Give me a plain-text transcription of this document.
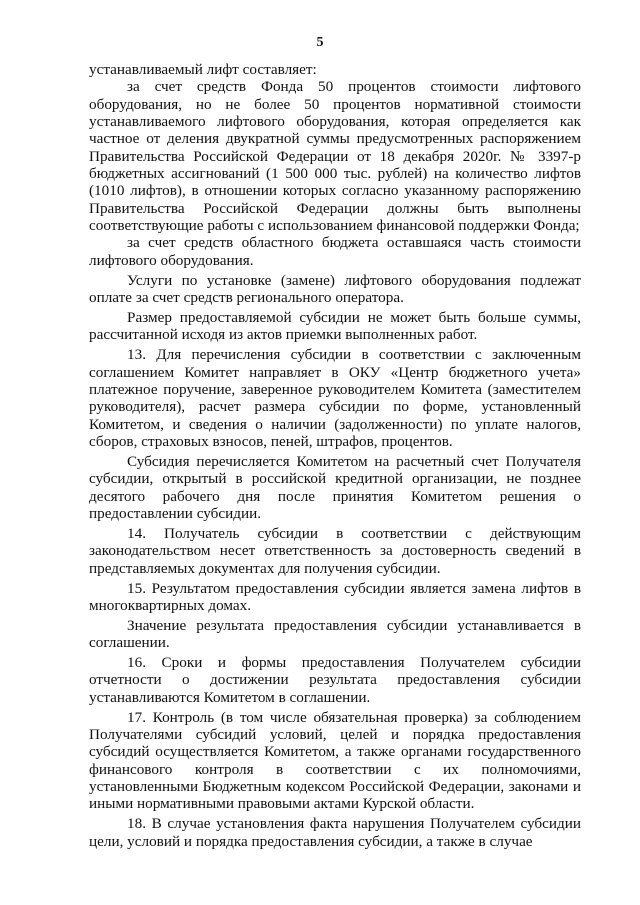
5

устанавливаемый лифт составляет:

за счет средств Фонда 50 процентов стоимости лифтового оборудования, но не более 50 процентов нормативной стоимости устанавливаемого лифтового оборудования, которая определяется как частное от деления двукратной суммы предусмотренных распоряжением Правительства Российской Федерации от 18 декабря 2020г. № 3397-р бюджетных ассигнований (1 500 000 тыс. рублей) на количество лифтов (1010 лифтов), в отношении которых согласно указанному распоряжению Правительства Российской Федерации должны быть выполнены соответствующие работы с использованием финансовой поддержки Фонда;

за счет средств областного бюджета оставшаяся часть стоимости лифтового оборудования.

Услуги по установке (замене) лифтового оборудования подлежат оплате за счет средств регионального оператора.

Размер предоставляемой субсидии не может быть больше суммы, рассчитанной исходя из актов приемки выполненных работ.

13. Для перечисления субсидии в соответствии с заключенным соглашением Комитет направляет в ОКУ «Центр бюджетного учета» платежное поручение, заверенное руководителем Комитета (заместителем руководителя), расчет размера субсидии по форме, установленный Комитетом, и сведения о наличии (задолженности) по уплате налогов, сборов, страховых взносов, пеней, штрафов, процентов.

Субсидия перечисляется Комитетом на расчетный счет Получателя субсидии, открытый в российской кредитной организации, не позднее десятого рабочего дня после принятия Комитетом решения о предоставлении субсидии.

14. Получатель субсидии в соответствии с действующим законодательством несет ответственность за достоверность сведений в представляемых документах для получения субсидии.

15. Результатом предоставления субсидии является замена лифтов в многоквартирных домах.

Значение результата предоставления субсидии устанавливается в соглашении.

16. Сроки и формы предоставления Получателем субсидии отчетности о достижении результата предоставления субсидии устанавливаются Комитетом в соглашении.

17. Контроль (в том числе обязательная проверка) за соблюдением Получателями субсидий условий, целей и порядка предоставления субсидий осуществляется Комитетом, а также органами государственного финансового контроля в соответствии с их полномочиями, установленными Бюджетным кодексом Российской Федерации, законами и иными нормативными правовыми актами Курской области.

18. В случае установления факта нарушения Получателем субсидии цели, условий и порядка предоставления субсидии, а также в случае
